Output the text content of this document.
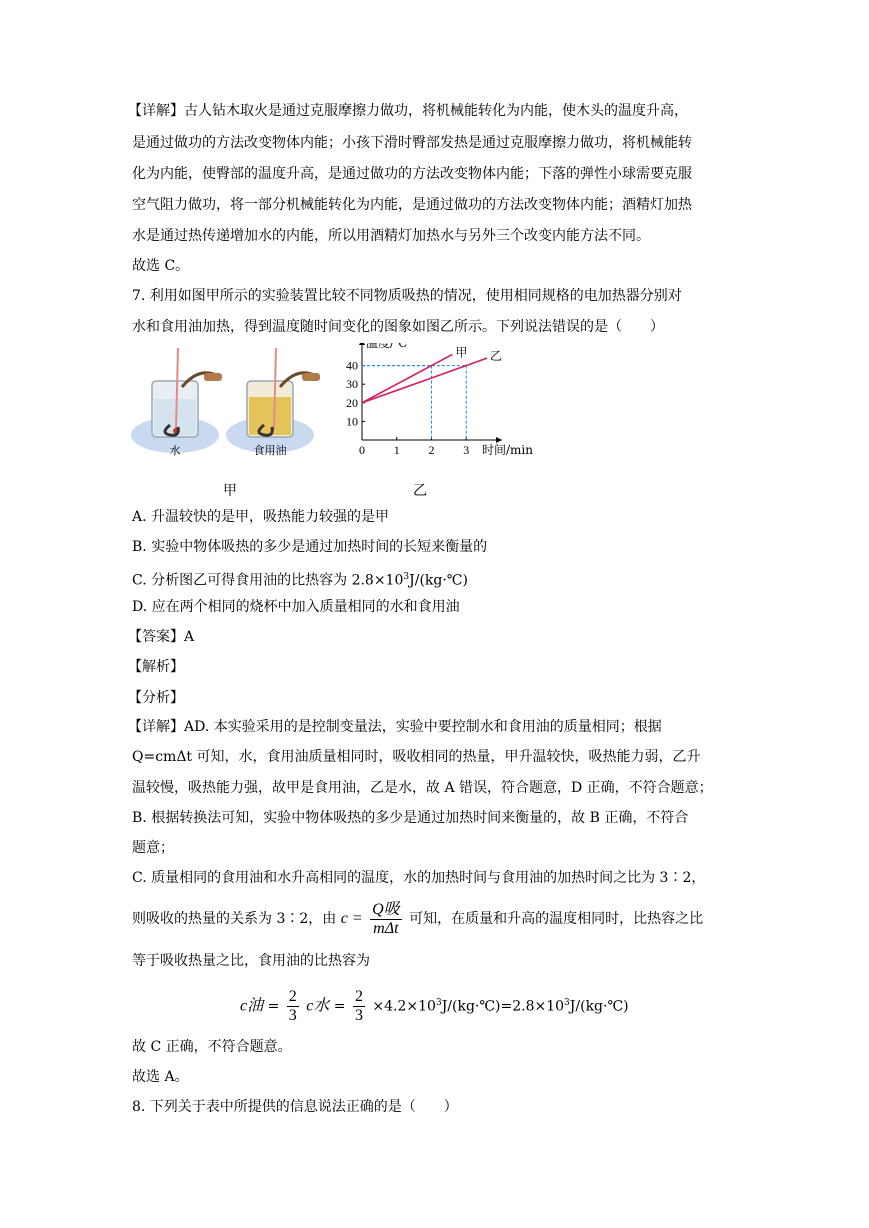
【详解】古人钻木取火是通过克服摩擦力做功，将机械能转化为内能，使木头的温度升高，
是通过做功的方法改变物体内能；小孩下滑时臀部发热是通过克服摩擦力做功，将机械能转
化为内能，使臀部的温度升高，是通过做功的方法改变物体内能；下落的弹性小球需要克服
空气阻力做功，将一部分机械能转化为内能，是通过做功的方法改变物体内能；酒精灯加热
水是通过热传递增加水的内能，所以用酒精灯加热水与另外三个改变内能方法不同。
故选 C。
7. 利用如图甲所示的实验装置比较不同物质吸热的情况，使用相同规格的电加热器分别对
水和食用油加热，得到温度随时间变化的图象如图乙所示。下列说法错误的是（　　）
水	食用油
甲	乙
0 1 2 3
10
20
30
40
温度/℃
时间/min
甲 乙
A. 升温较快的是甲，吸热能力较强的是甲
B. 实验中物体吸热的多少是通过加热时间的长短来衡量的
C. 分析图乙可得食用油的比热容为 $2.8\times 10^3J/(kg\cdot℃)$
D. 应在两个相同的烧杯中加入质量相同的水和食用油
【答案】A
【解析】
【分析】
【详解】AD. 本实验采用的是控制变量法，实验中要控制水和食用油的质量相同；根据
Q=cmΔt 可知，水，食用油质量相同时，吸收相同的热量，甲升温较快，吸热能力弱，乙升
温较慢，吸热能力强，故甲是食用油，乙是水，故 A 错误，符合题意，D 正确，不符合题意；
B. 根据转换法可知，实验中物体吸热的多少是通过加热时间来衡量的，故 B 正确，不符合
题意；
C. 质量相同的食用油和水升高相同的温度，水的加热时间与食用油的加热时间之比为 3∶2，
则吸收的热量的关系为 3∶2，由 $c = \frac{\text{Q吸}}{\text{mΔt}}$ 可知，在质量和升高的温度相同时，比热容之比
等于吸收热量之比，食用油的比热容为
c油 = $\frac{2}{3}$ c水 = $\frac{2}{3}$ $\times 4.2\times 10^3J/(kg\cdot℃)=2.8\times 10^3J/(kg\cdot℃)$
故 C 正确，不符合题意。
故选 A。
8. 下列关于表中所提供的信息说法正确的是（　　）
